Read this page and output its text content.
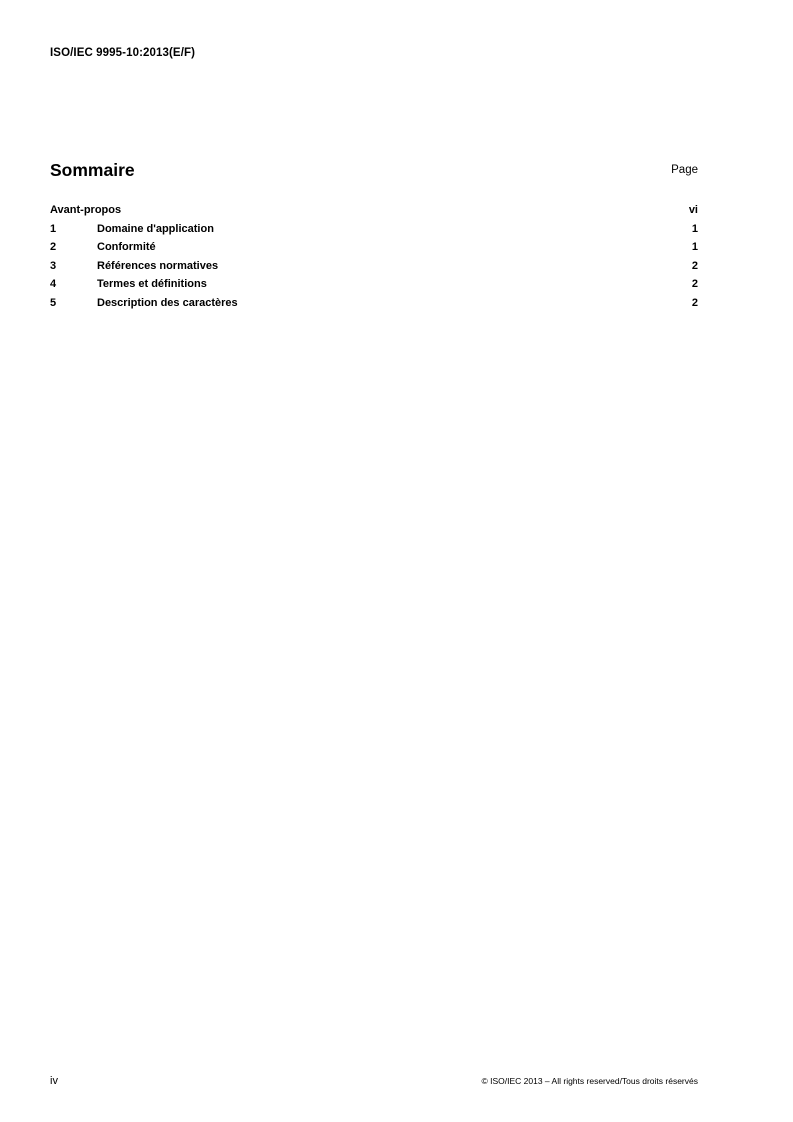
ISO/IEC 9995-10:2013(E/F)
Sommaire	Page
Avant-propos	vi
1	Domaine d'application	1
2	Conformité	1
3	Références normatives	2
4	Termes et définitions	2
5	Description des caractères	2
iv	© ISO/IEC 2013 – All rights reserved/Tous droits réservés
